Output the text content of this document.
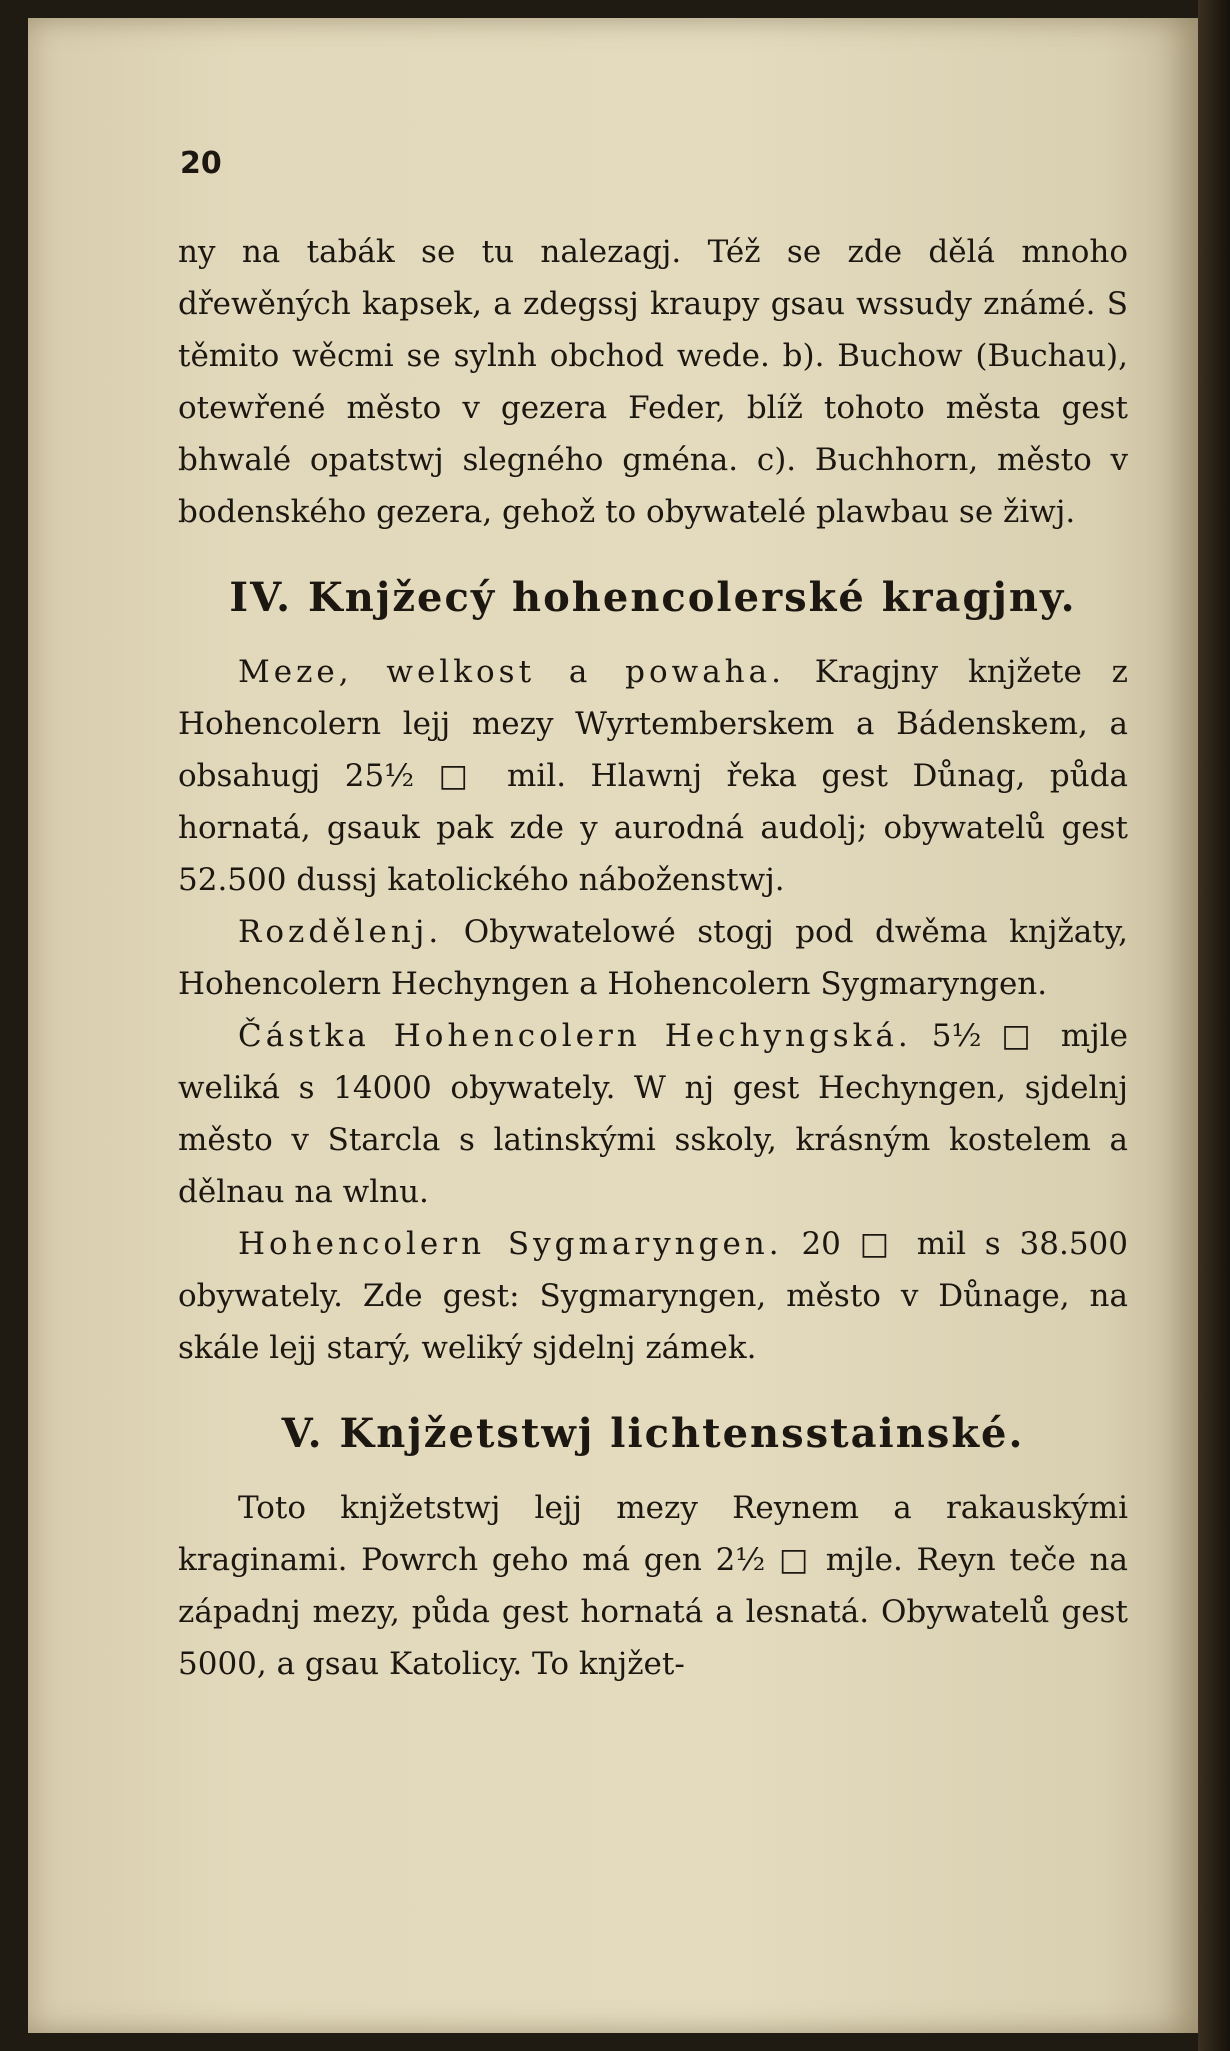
20

ny na tabák se tu nalezagj. Též se zde dělá mnoho dřewěných kapsek, a zdegssj kraupy gsau wssudy známé. S těmito wěcmi se sylnh obchod wede. b). Buchow (Buchau), otewřené město v gezera Feder, blíž tohoto města gest bhwalé opatstwj slegného gména. c). Buchhorn, město v bodenského gezera, gehož to obywatelé plawbau se žiwj.

IV. Knjžecý hohencolerské kragjny.

Meze, welkost a powaha. Kragjny knjžete z Hohencolern lejj mezy Wyrtemberskem a Bádenskem, a obsahugj 25½ □ mil. Hlawnj řeka gest Důnag, půda hornatá, gsauk pak zde y aurodná audolj; obywatelů gest 52.500 dussj katolického náboženstwj.

Rozdělenj. Obywatelowé stogj pod dwěma knjžaty, Hohencolern Hechyngen a Hohencolern Sygmaryngen.

Částka Hohencolern Hechyngská. 5½ □ mjle weliká s 14000 obywately. W nj gest Hechyngen, sjdelnj město v Starcla s latinskými sskoly, krásným kostelem a dělnau na wlnu.

Hohencolern Sygmaryngen. 20 □ mil s 38.500 obywately. Zde gest: Sygmaryngen, město v Důnage, na skále lejj starý, weliký sjdelnj zámek.

V. Knjžetstwj lichtensstainské.

Toto knjžetstwj lejj mezy Reynem a rakauskými kraginami. Powrch geho má gen 2½ □ mjle. Reyn teče na západnj mezy, půda gest hornatá a lesnatá. Obywatelů gest 5000, a gsau Katolicy. To knjžet-
